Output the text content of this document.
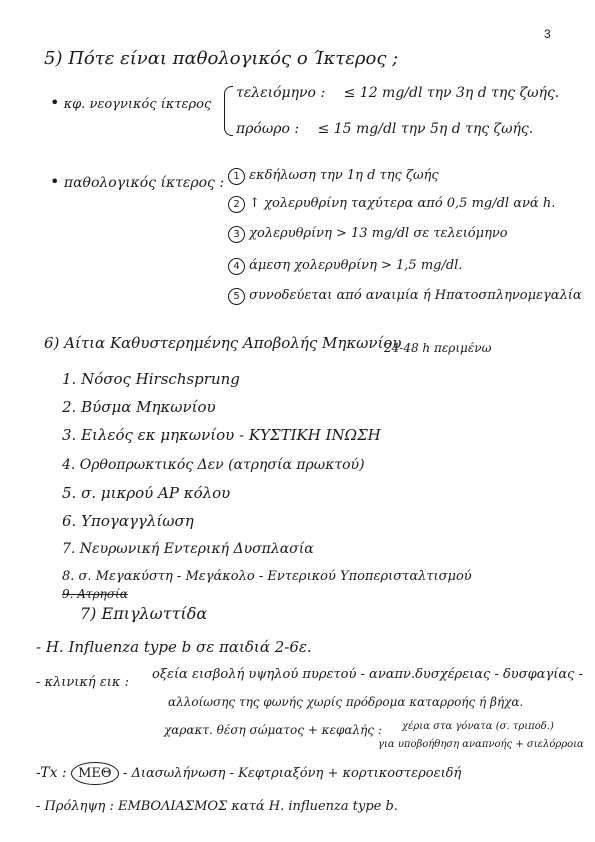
3
5) Πότε είναι παθολογικός ο Ίκτερος ;
• κφ. νεογνικός ίκτερος
τελειόμηνο : ≤ 12 mg/dl την 3η d της ζωής.
πρόωρο : ≤ 15 mg/dl την 5η d της ζωής.
• παθολογικός ίκτερος : 1 εκδήλωση την 1η d της ζωής
2 ↑ χολερυθρίνη ταχύτερα από 0,5 mg/dl ανά h.
3 χολερυθρίνη > 13 mg/dl σε τελειόμηνο
4 άμεση χολερυθρίνη > 1,5 mg/dl.
5 συνοδεύεται από αναιμία ή Ηπατοσπληνομεγαλία
6) Αίτια Καθυστερημένης Αποβολής Μηκωνίου
24-48 h περιμένω
1. Νόσος Hirschsprung
2. Βύσμα Μηκωνίου
3. Ειλεός εκ μηκωνίου - ΚΥΣΤΙΚΗ ΙΝΩΣΗ
4. Ορθοπρωκτικός Δεν (ατρησία πρωκτού)
5. σ. μικρού ΑΡ κόλου
6. Υπογαγγλίωση
7. Νευρωνική Εντερική Δυσπλασία
8. σ. Μεγακύστη - Μεγάκολο - Εντερικού Υποπερισταλτισμού
9. Ατρησία
7) Επιγλωττίδα
- H. Influenza type b σε παιδιά 2-6ε.
- κλινική εικ :
οξεία εισβολή υψηλού πυρετού - αναπν.δυσχέρειας - δυσφαγίας -
αλλοίωσης της φωνής χωρίς πρόδρομα καταρροής ή βήχα.
χαρακτ. θέση σώματος + κεφαλής : χέρια στα γόνατα (σ. τριποδ.)
για υποβοήθηση αναπνοής + σιελόρροια
-Tx : ΜΕΘ - Διασωλήνωση - Κεφτριαξόνη + κορτικοστεροειδή
- Πρόληψη : ΕΜΒΟΛΙΑΣΜΟΣ κατά H. influenza type b.
